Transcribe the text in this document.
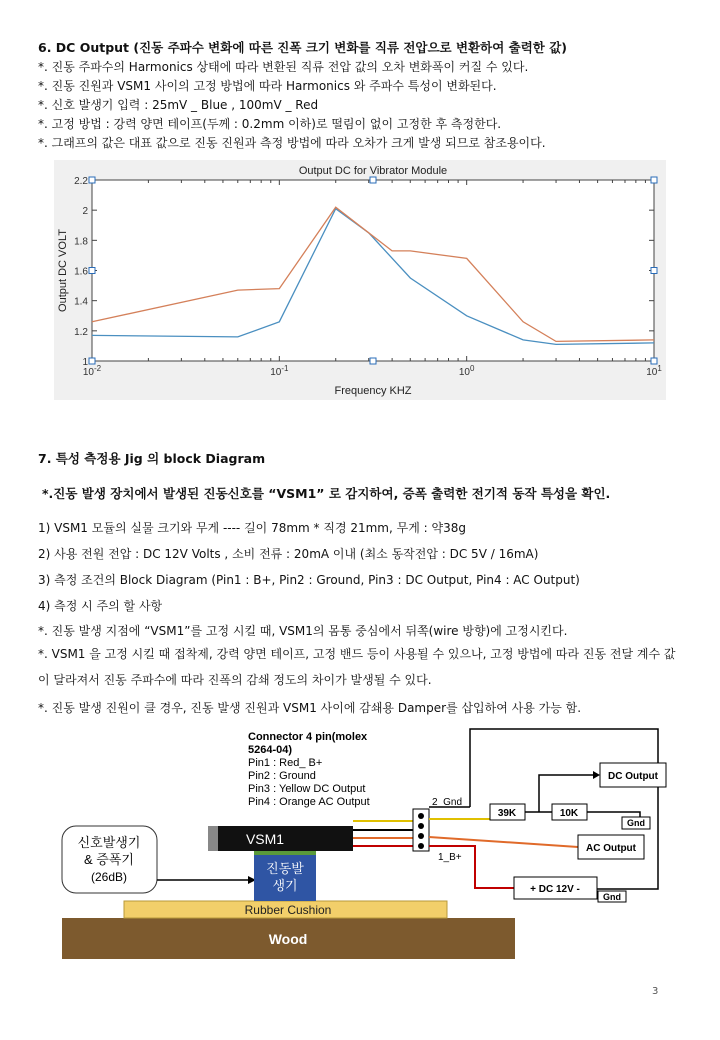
6. DC Output (진동 주파수 변화에 따른 진폭 크기 변화를 직류 전압으로 변환하여 출력한 값)
*. 진동 주파수의 Harmonics 상태에 따라 변환된 직류 전압 값의 오차 변화폭이 커질 수 있다.
*. 진동 진원과 VSM1 사이의 고정 방법에 따라 Harmonics 와 주파수 특성이 변화된다.
*. 신호 발생기 입력 : 25mV _ Blue , 100mV _ Red
*. 고정 방법 : 강력 양면 테이프(두께 : 0.2mm 이하)로 떨림이 없이 고정한 후 측정한다.
*. 그래프의 값은 대표 값으로 진동 진원과 측정 방법에 따라 오차가 크게 발생 되므로 참조용이다.
Output DC for Vibrator Module
Frequency KHZ
Output DC VOLT
1
1.2
1.4
1.6
1.8
2
2.2
$10^{-2}$	$10^{-1}$	$10^0$	$10^1$
7. 특성 측정용 Jig 의 block Diagram
*.진동 발생 장치에서 발생된 진동신호를 “VSM1” 로 감지하여, 증폭 출력한 전기적 동작 특성을 확인.
1) VSM1 모듈의 실물 크기와 무게 ---- 길이 78mm * 직경 21mm, 무게 : 약38g
2) 사용 전원 전압 : DC 12V Volts , 소비 전류 : 20mA 이내 (최소 동작전압 : DC 5V / 16mA)
3) 측정 조건의 Block Diagram (Pin1 : B+, Pin2 : Ground, Pin3 : DC Output, Pin4 : AC Output)
4) 측정 시 주의 할 사항
*. 진동 발생 지점에 “VSM1”를 고정 시킬 때, VSM1의 몸통 중심에서 뒤쪽(wire 방향)에 고정시킨다.
*. VSM1 을 고정 시킬 때 접착제, 강력 양면 테이프, 고정 밴드 등이 사용될 수 있으나, 고정 방법에 따라 진동 전달 계수 값이 달라져서 진동 주파수에 따라 진폭의 감쇄 정도의 차이가 발생될 수 있다.
*. 진동 발생 진원이 클 경우, 진동 발생 진원과 VSM1 사이에 감쇄용 Damper를 삽입하여 사용 가능 함.
Wood
Rubber Cushion
신호발생기
& 증폭기
(26dB)
VSM1
진동발
생기
Connector 4 pin(molex
5264-04)
Pin1 : Red_ B+
Pin2 : Ground
Pin3 : Yellow DC Output
Pin4 : Orange AC Output	2_Gnd
39K	10K
Gnd
DC Output
AC Output
1_B+
+ DC 12V -
Gnd
3
